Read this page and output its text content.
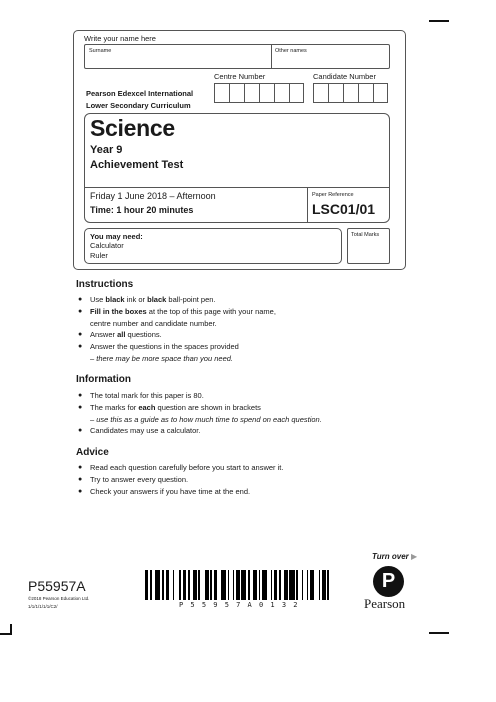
Write your name here
Surname	Other names
Centre Number	Candidate Number
Pearson Edexcel International
Lower Secondary Curriculum
Science
Year 9
Achievement Test
Friday 1 June 2018 – Afternoon
Time: 1 hour 20 minutes
Paper Reference
LSC01/01
You may need:
Calculator
Ruler
Total Marks
Instructions
● Use black ink or black ball-point pen.
● Fill in the boxes at the top of this page with your name,
centre number and candidate number.
● Answer all questions.
● Answer the questions in the spaces provided
– there may be more space than you need.
Information
● The total mark for this paper is 80.
● The marks for each question are shown in brackets
– use this as a guide as to how much time to spend on each question.
● Candidates may use a calculator.
Advice
● Read each question carefully before you start to answer it.
● Try to answer every question.
● Check your answers if you have time at the end.
Turn over ▶
P55957A
©2018 Pearson Education Ltd.
1/1/1/1/1/1/C2/	P 5 5 9 5 7 A 0 1 3 2
P
Pearson
